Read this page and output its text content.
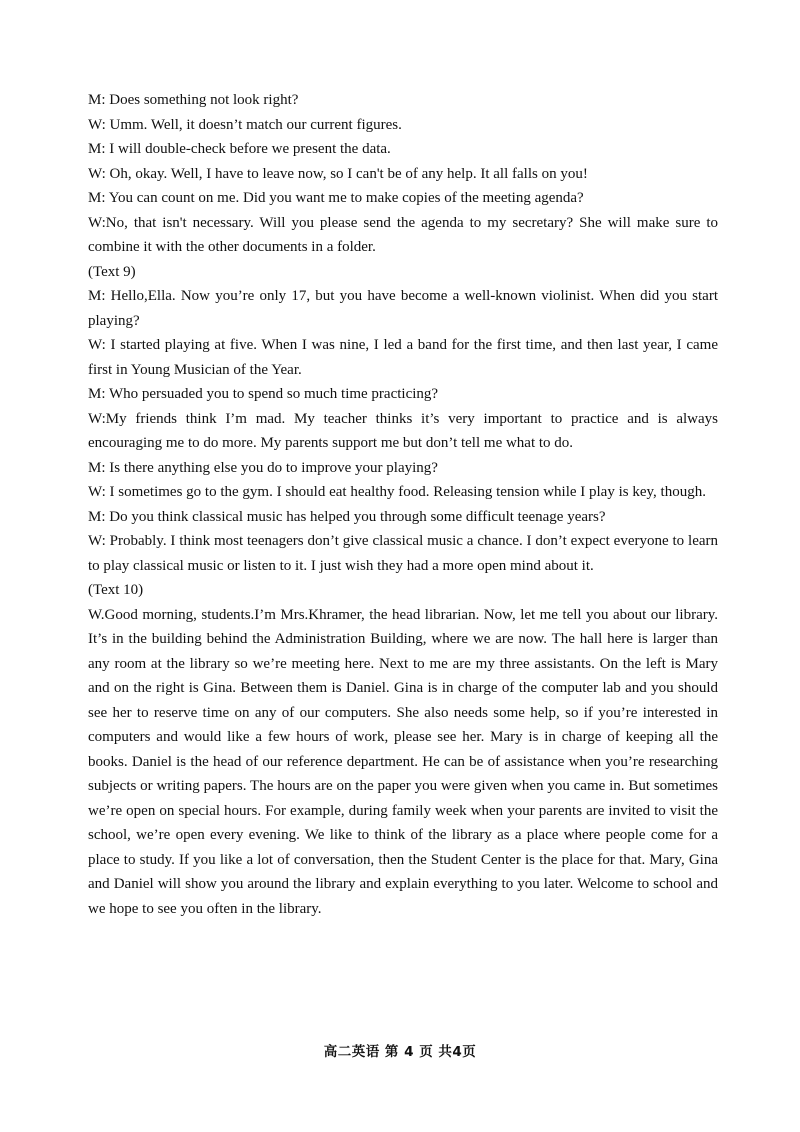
M: Does something not look right?

W: Umm. Well, it doesn’t match our current figures.

M: I will double-check before we present the data.

W: Oh, okay. Well, I have to leave now, so I can't be of any help. It all falls on you!

M: You can count on me. Did you want me to make copies of the meeting agenda?

W:No, that isn't necessary. Will you please send the agenda to my secretary? She will make sure to combine it with the other documents in a folder.

(Text 9)

M: Hello,Ella. Now you’re only 17, but you have become a well-known violinist. When did you start playing?

W: I started playing at five. When I was nine, I led a band for the first time, and then last year, I came first in Young Musician of the Year.

M: Who persuaded you to spend so much time practicing?

W:My friends think I’m mad. My teacher thinks it’s very important to practice and is always encouraging me to do more. My parents support me but don’t tell me what to do.

M: Is there anything else you do to improve your playing?

W: I sometimes go to the gym. I should eat healthy food. Releasing tension while I play is key, though.

M: Do you think classical music has helped you through some difficult teenage years?

W: Probably. I think most teenagers don’t give classical music a chance. I don’t expect everyone to learn to play classical music or listen to it. I just wish they had a more open mind about it.

(Text 10)

W.Good morning, students.I’m Mrs.Khramer, the head librarian. Now, let me tell you about our library. It’s in the building behind the Administration Building, where we are now. The hall here is larger than any room at the library so we’re meeting here. Next to me are my three assistants. On the left is Mary and on the right is Gina. Between them is Daniel. Gina is in charge of the computer lab and you should see her to reserve time on any of our computers. She also needs some help, so if you’re interested in computers and would like a few hours of work, please see her. Mary is in charge of keeping all the books. Daniel is the head of our reference department. He can be of assistance when you’re researching subjects or writing papers. The hours are on the paper you were given when you came in. But sometimes we’re open on special hours. For example, during family week when your parents are invited to visit the school, we’re open every evening. We like to think of the library as a place where people come for a place to study. If you like a lot of conversation, then the Student Center is the place for that. Mary, Gina and Daniel will show you around the library and explain everything to you later. Welcome to school and we hope to see you often in the library.

高二英语 第 4 页 共4页
